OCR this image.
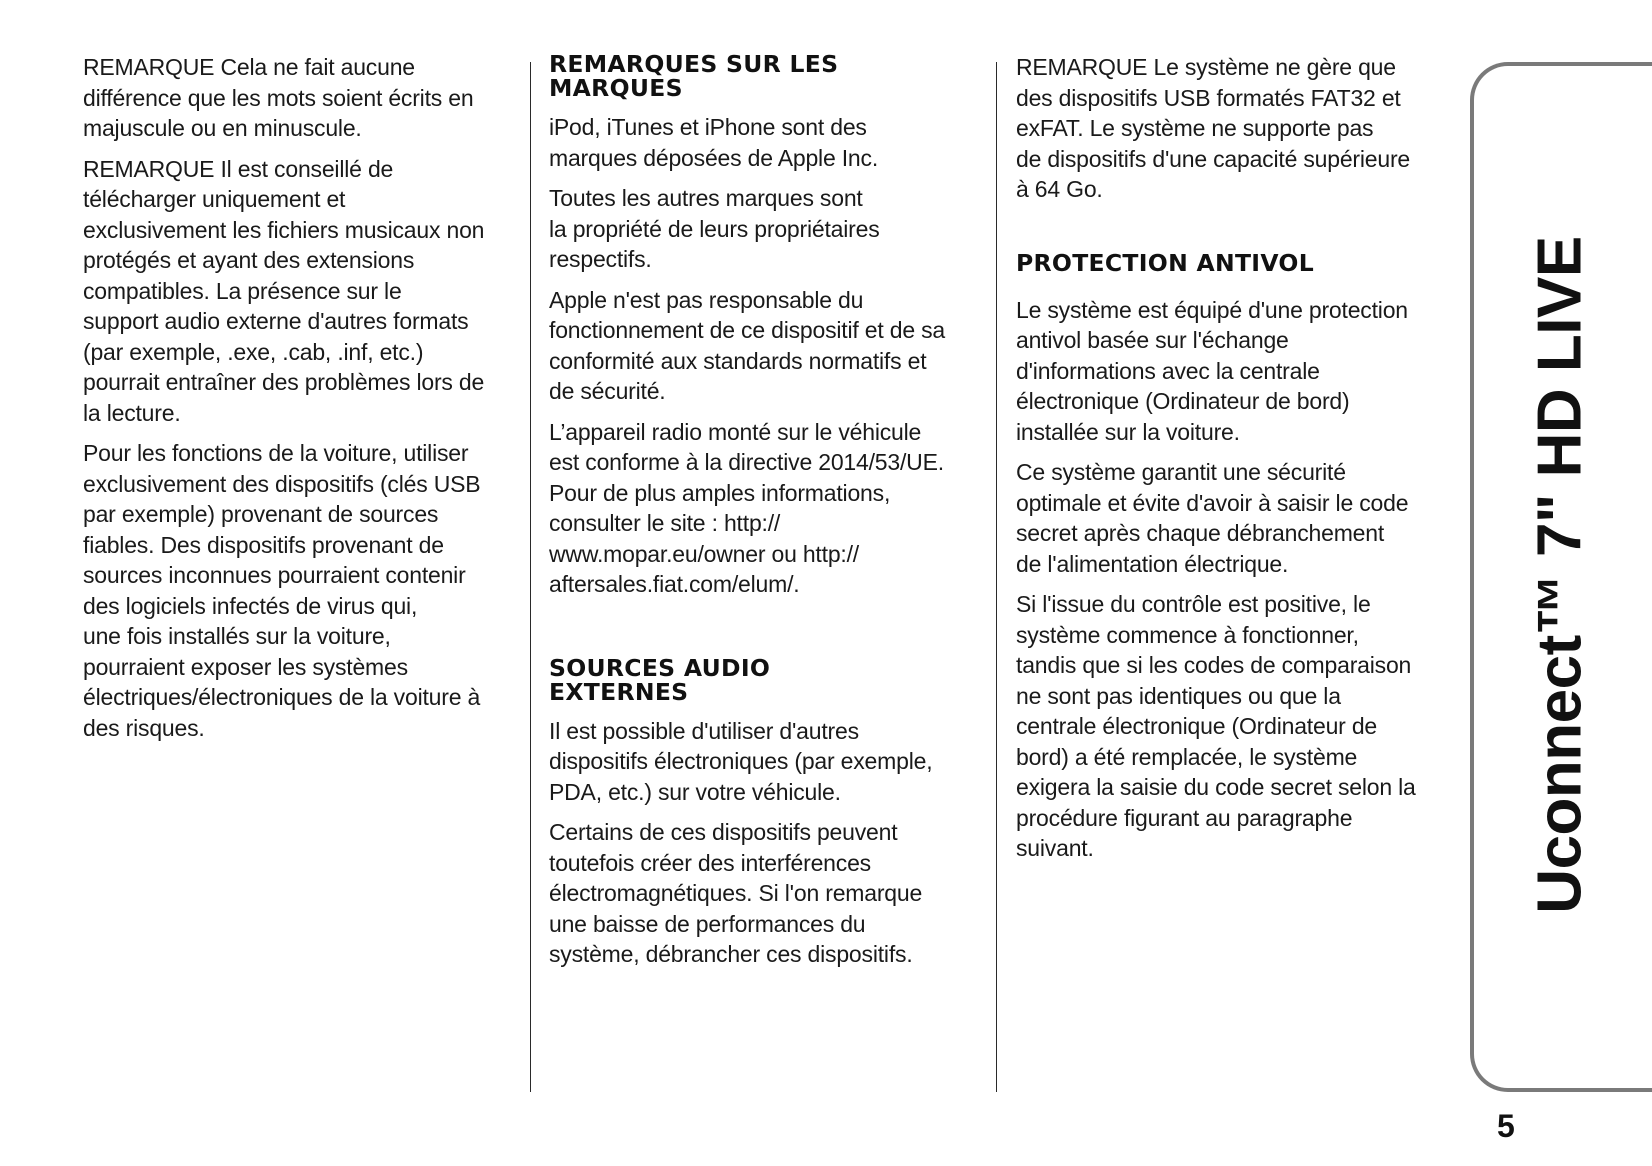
REMARQUE Cela ne fait aucune
différence que les mots soient écrits en
majuscule ou en minuscule.

REMARQUE Il est conseillé de
télécharger uniquement et
exclusivement les fichiers musicaux non
protégés et ayant des extensions
compatibles. La présence sur le
support audio externe d'autres formats
(par exemple, .exe, .cab, .inf, etc.)
pourrait entraîner des problèmes lors de
la lecture.

Pour les fonctions de la voiture, utiliser
exclusivement des dispositifs (clés USB
par exemple) provenant de sources
fiables. Des dispositifs provenant de
sources inconnues pourraient contenir
des logiciels infectés de virus qui,
une fois installés sur la voiture,
pourraient exposer les systèmes
électriques/électroniques de la voiture à
des risques.

REMARQUES SUR LES
MARQUES

iPod, iTunes et iPhone sont des
marques déposées de Apple Inc.

Toutes les autres marques sont
la propriété de leurs propriétaires
respectifs.

Apple n'est pas responsable du
fonctionnement de ce dispositif et de sa
conformité aux standards normatifs et
de sécurité.

L’appareil radio monté sur le véhicule
est conforme à la directive 2014/53/UE.
Pour de plus amples informations,
consulter le site : http://
www.mopar.eu/owner ou http://
aftersales.fiat.com/elum/.

SOURCES AUDIO
EXTERNES

Il est possible d'utiliser d'autres
dispositifs électroniques (par exemple,
PDA, etc.) sur votre véhicule.

Certains de ces dispositifs peuvent
toutefois créer des interférences
électromagnétiques. Si l'on remarque
une baisse de performances du
système, débrancher ces dispositifs.

REMARQUE Le système ne gère que
des dispositifs USB formatés FAT32 et
exFAT. Le système ne supporte pas
de dispositifs d'une capacité supérieure
à 64 Go.

PROTECTION ANTIVOL

Le système est équipé d'une protection
antivol basée sur l'échange
d'informations avec la centrale
électronique (Ordinateur de bord)
installée sur la voiture.

Ce système garantit une sécurité
optimale et évite d'avoir à saisir le code
secret après chaque débranchement
de l'alimentation électrique.

Si l'issue du contrôle est positive, le
système commence à fonctionner,
tandis que si les codes de comparaison
ne sont pas identiques ou que la
centrale électronique (Ordinateur de
bord) a été remplacée, le système
exigera la saisie du code secret selon la
procédure figurant au paragraphe
suivant.	Uconnect™ 7" HD LIVE
5
